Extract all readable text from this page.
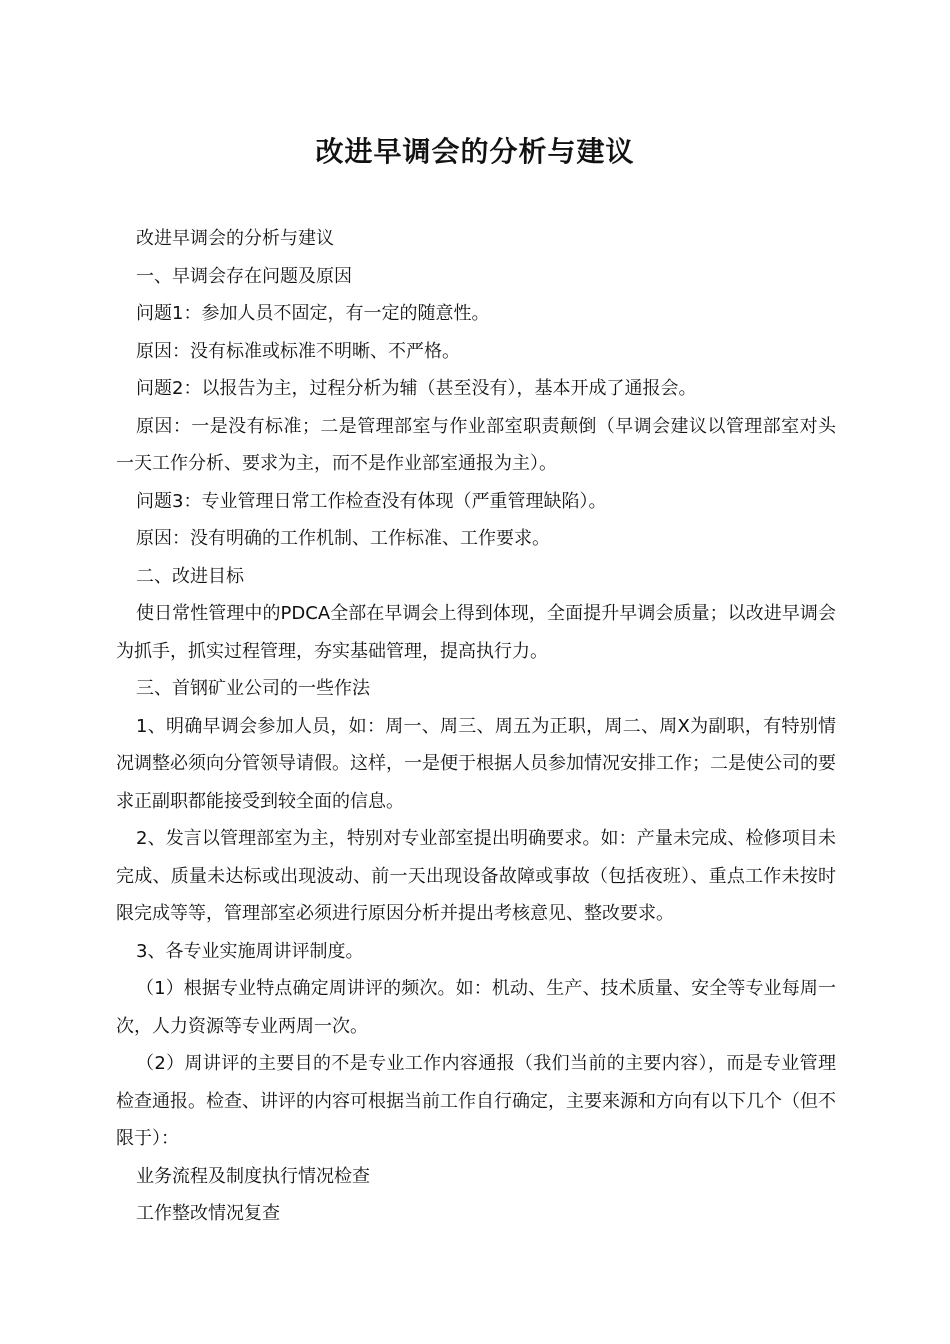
改进早调会的分析与建议

改进早调会的分析与建议

一、早调会存在问题及原因

问题1：参加人员不固定，有一定的随意性。

原因：没有标准或标准不明晰、不严格。

问题2：以报告为主，过程分析为辅（甚至没有），基本开成了通报会。

原因：一是没有标准；二是管理部室与作业部室职责颠倒（早调会建议以管理部室对头一天工作分析、要求为主，而不是作业部室通报为主）。

问题3：专业管理日常工作检查没有体现（严重管理缺陷）。

原因：没有明确的工作机制、工作标准、工作要求。

二、改进目标

使日常性管理中的PDCA全部在早调会上得到体现，全面提升早调会质量；以改进早调会为抓手，抓实过程管理，夯实基础管理，提高执行力。

三、首钢矿业公司的一些作法

1、明确早调会参加人员，如：周一、周三、周五为正职，周二、周X为副职，有特别情况调整必须向分管领导请假。这样，一是便于根据人员参加情况安排工作；二是使公司的要求正副职都能接受到较全面的信息。

2、发言以管理部室为主，特别对专业部室提出明确要求。如：产量未完成、检修项目未完成、质量未达标或出现波动、前一天出现设备故障或事故（包括夜班）、重点工作未按时限完成等等，管理部室必须进行原因分析并提出考核意见、整改要求。

3、各专业实施周讲评制度。

（1）根据专业特点确定周讲评的频次。如：机动、生产、技术质量、安全等专业每周一次，人力资源等专业两周一次。

（2）周讲评的主要目的不是专业工作内容通报（我们当前的主要内容），而是专业管理检查通报。检查、讲评的内容可根据当前工作自行确定，主要来源和方向有以下几个（但不限于）：

业务流程及制度执行情况检查

工作整改情况复查
